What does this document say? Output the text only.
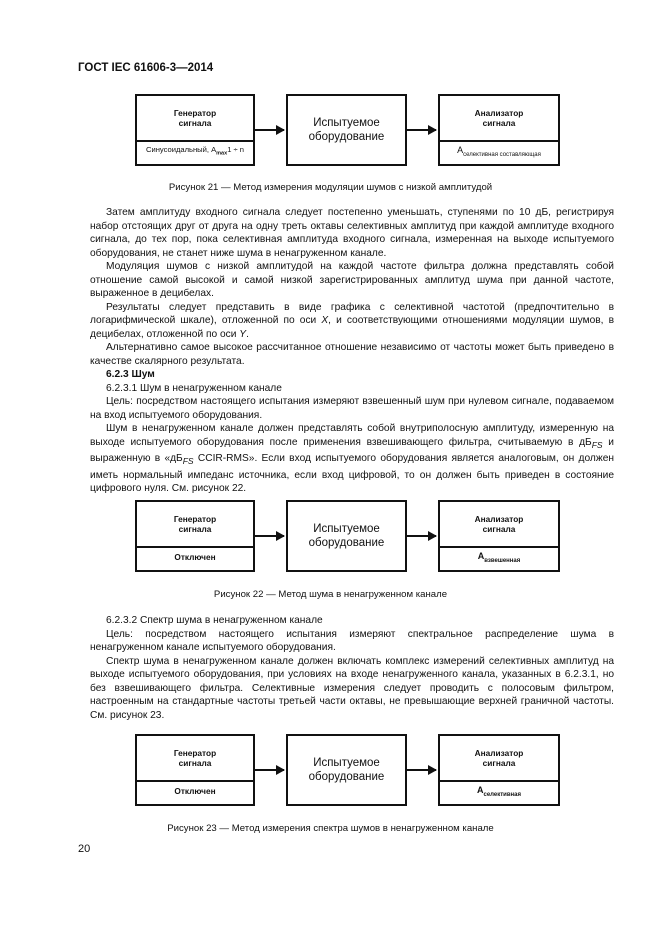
ГОСТ IEC 61606-3—2014
Генератор
сигнала
Синусоидальный, $A_{max}1 \div n$
Испытуемое
оборудование
Анализатор
сигнала
$A_{селективная составляющая}$
Рисунок 21 — Метод измерения модуляции шумов с низкой амплитудой

Затем амплитуду входного сигнала следует постепенно уменьшать, ступенями по 10 дБ, регистрируя набор отстоящих друг от друга на одну треть октавы селективных амплитуд при каждой амплитуде входного сигнала, до тех пор, пока селективная амплитуда входного сигнала, измеренная на выходе испытуемого оборудования, не станет ниже шума в ненагруженном канале.

Модуляция шумов с низкой амплитудой на каждой частоте фильтра должна представлять собой отношение самой высокой и самой низкой зарегистрированных амплитуд шума при данной частоте, выраженное в децибелах.

Результаты следует представить в виде графика с селективной частотой (предпочтительно в логарифмической шкале), отложенной по оси X, и соответствующими отношениями модуляции шумов, в децибелах, отложенной по оси Y.

Альтернативно самое высокое рассчитанное отношение независимо от частоты может быть приведено в качестве скалярного результата.

6.2.3 Шум

6.2.3.1 Шум в ненагруженном канале

Цель: посредством настоящего испытания измеряют взвешенный шум при нулевом сигнале, подаваемом на вход испытуемого оборудования.

Шум в ненагруженном канале должен представлять собой внутриполосную амплитуду, измеренную на выходе испытуемого оборудования после применения взвешивающего фильтра, считываемую в $дБ_{FS}$ и выраженную в «$дБ_{FS}$ CCIR-RMS». Если вход испытуемого оборудования является аналоговым, он должен иметь нормальный импеданс источника, если вход цифровой, то он должен быть приведен в состояние цифрового нуля. См. рисунок 22.

Генератор
сигнала
Отключен
Испытуемое
оборудование
Анализатор
сигнала
$A_{взвешенная}$
Рисунок 22 — Метод шума в ненагруженном канале

6.2.3.2 Спектр шума в ненагруженном канале

Цель: посредством настоящего испытания измеряют спектральное распределение шума в ненагруженном канале испытуемого оборудования.

Спектр шума в ненагруженном канале должен включать комплекс измерений селективных амплитуд на выходе испытуемого оборудования, при условиях на входе ненагруженного канала, указанных в 6.2.3.1, но без взвешивающего фильтра. Селективные измерения следует проводить с полосовым фильтром, настроенным на стандартные частоты третьей части октавы, не превышающие верхней граничной частоты. См. рисунок 23.

Генератор
сигнала
Отключен
Испытуемое
оборудование
Анализатор
сигнала
$A_{селективная}$
Рисунок 23 — Метод измерения спектра шумов в ненагруженном канале
20
